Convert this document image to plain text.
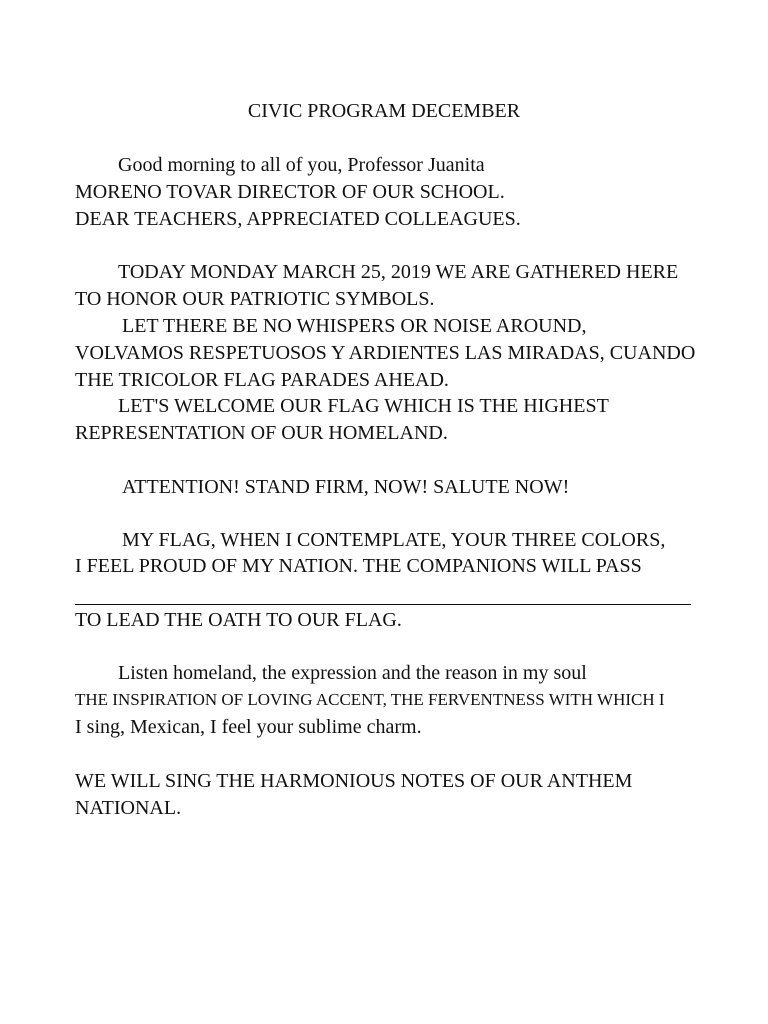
CIVIC PROGRAM DECEMBER
Good morning to all of you, Professor Juanita
MORENO TOVAR DIRECTOR OF OUR SCHOOL.
DEAR TEACHERS, APPRECIATED COLLEAGUES.
TODAY MONDAY MARCH 25, 2019 WE ARE GATHERED HERE
TO HONOR OUR PATRIOTIC SYMBOLS.
LET THERE BE NO WHISPERS OR NOISE AROUND,
VOLVAMOS RESPETUOSOS Y ARDIENTES LAS MIRADAS, CUANDO
THE TRICOLOR FLAG PARADES AHEAD.
LET'S WELCOME OUR FLAG WHICH IS THE HIGHEST
REPRESENTATION OF OUR HOMELAND.
ATTENTION! STAND FIRM, NOW! SALUTE NOW!
MY FLAG, WHEN I CONTEMPLATE, YOUR THREE COLORS,
I FEEL PROUD OF MY NATION. THE COMPANIONS WILL PASS
TO LEAD THE OATH TO OUR FLAG.
Listen homeland, the expression and the reason in my soul
THE INSPIRATION OF LOVING ACCENT, THE FERVENTNESS WITH WHICH I
I sing, Mexican, I feel your sublime charm.
WE WILL SING THE HARMONIOUS NOTES OF OUR ANTHEM
NATIONAL.
